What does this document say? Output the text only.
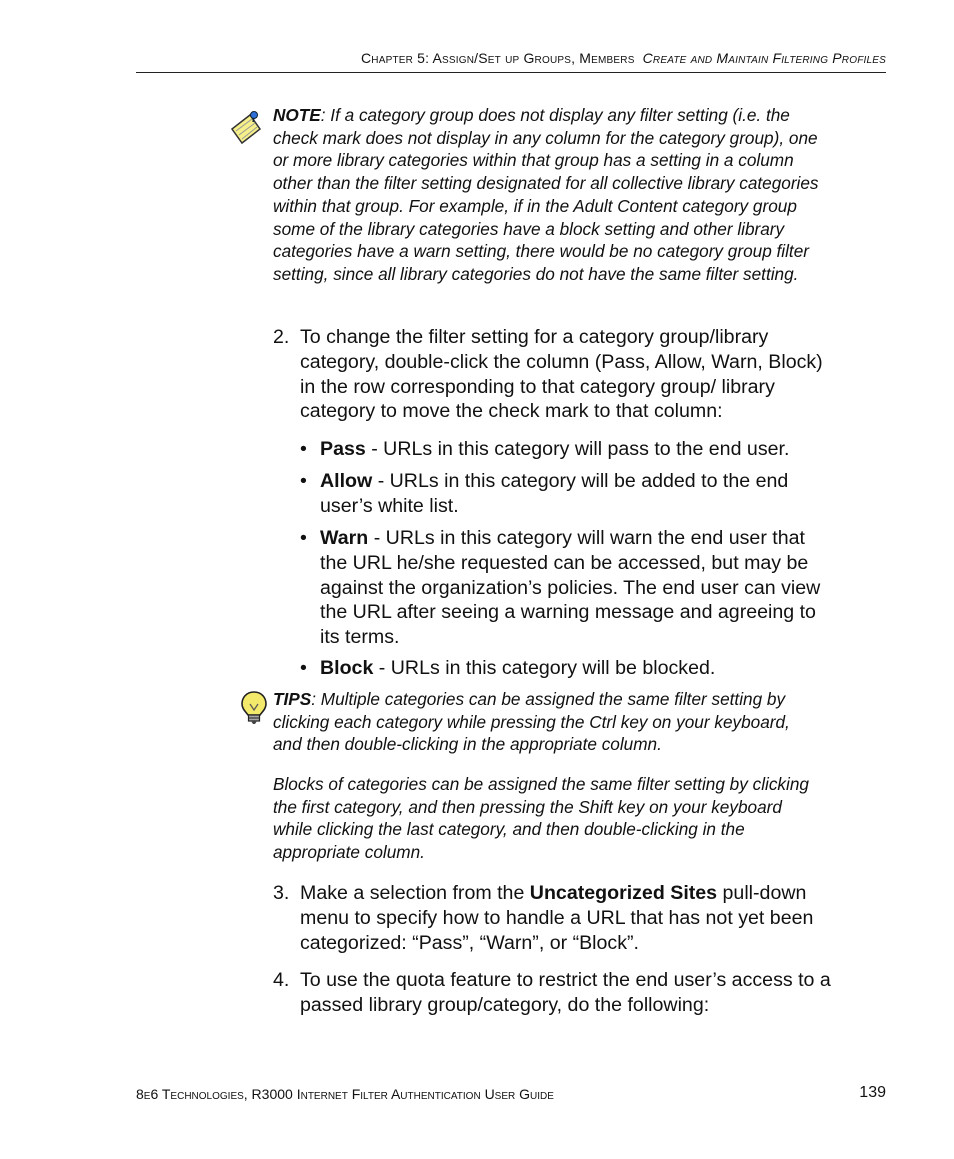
Chapter 5: Assign/Set up Groups, Members Create and Maintain Filtering Profiles
NOTE: If a category group does not display any filter setting (i.e. the check mark does not display in any column for the category group), one or more library categories within that group has a setting in a column other than the filter setting designated for all collective library categories within that group. For example, if in the Adult Content category group some of the library categories have a block setting and other library categories have a warn setting, there would be no category group filter setting, since all library categories do not have the same filter setting.
2. To change the filter setting for a category group/library category, double-click the column (Pass, Allow, Warn, Block) in the row corresponding to that category group/ library category to move the check mark to that column:
• Pass - URLs in this category will pass to the end user.
• Allow - URLs in this category will be added to the end user’s white list.
• Warn - URLs in this category will warn the end user that the URL he/she requested can be accessed, but may be against the organization’s policies. The end user can view the URL after seeing a warning message and agreeing to its terms.
• Block - URLs in this category will be blocked.
TIPS: Multiple categories can be assigned the same filter setting by clicking each category while pressing the Ctrl key on your keyboard, and then double-clicking in the appropriate column.
Blocks of categories can be assigned the same filter setting by clicking the first category, and then pressing the Shift key on your keyboard while clicking the last category, and then double-clicking in the appropriate column.
3. Make a selection from the Uncategorized Sites pull-down menu to specify how to handle a URL that has not yet been categorized: “Pass”, “Warn”, or “Block”.
4. To use the quota feature to restrict the end user’s access to a passed library group/category, do the following:
8e6 Technologies, R3000 Internet Filter Authentication User Guide	139
